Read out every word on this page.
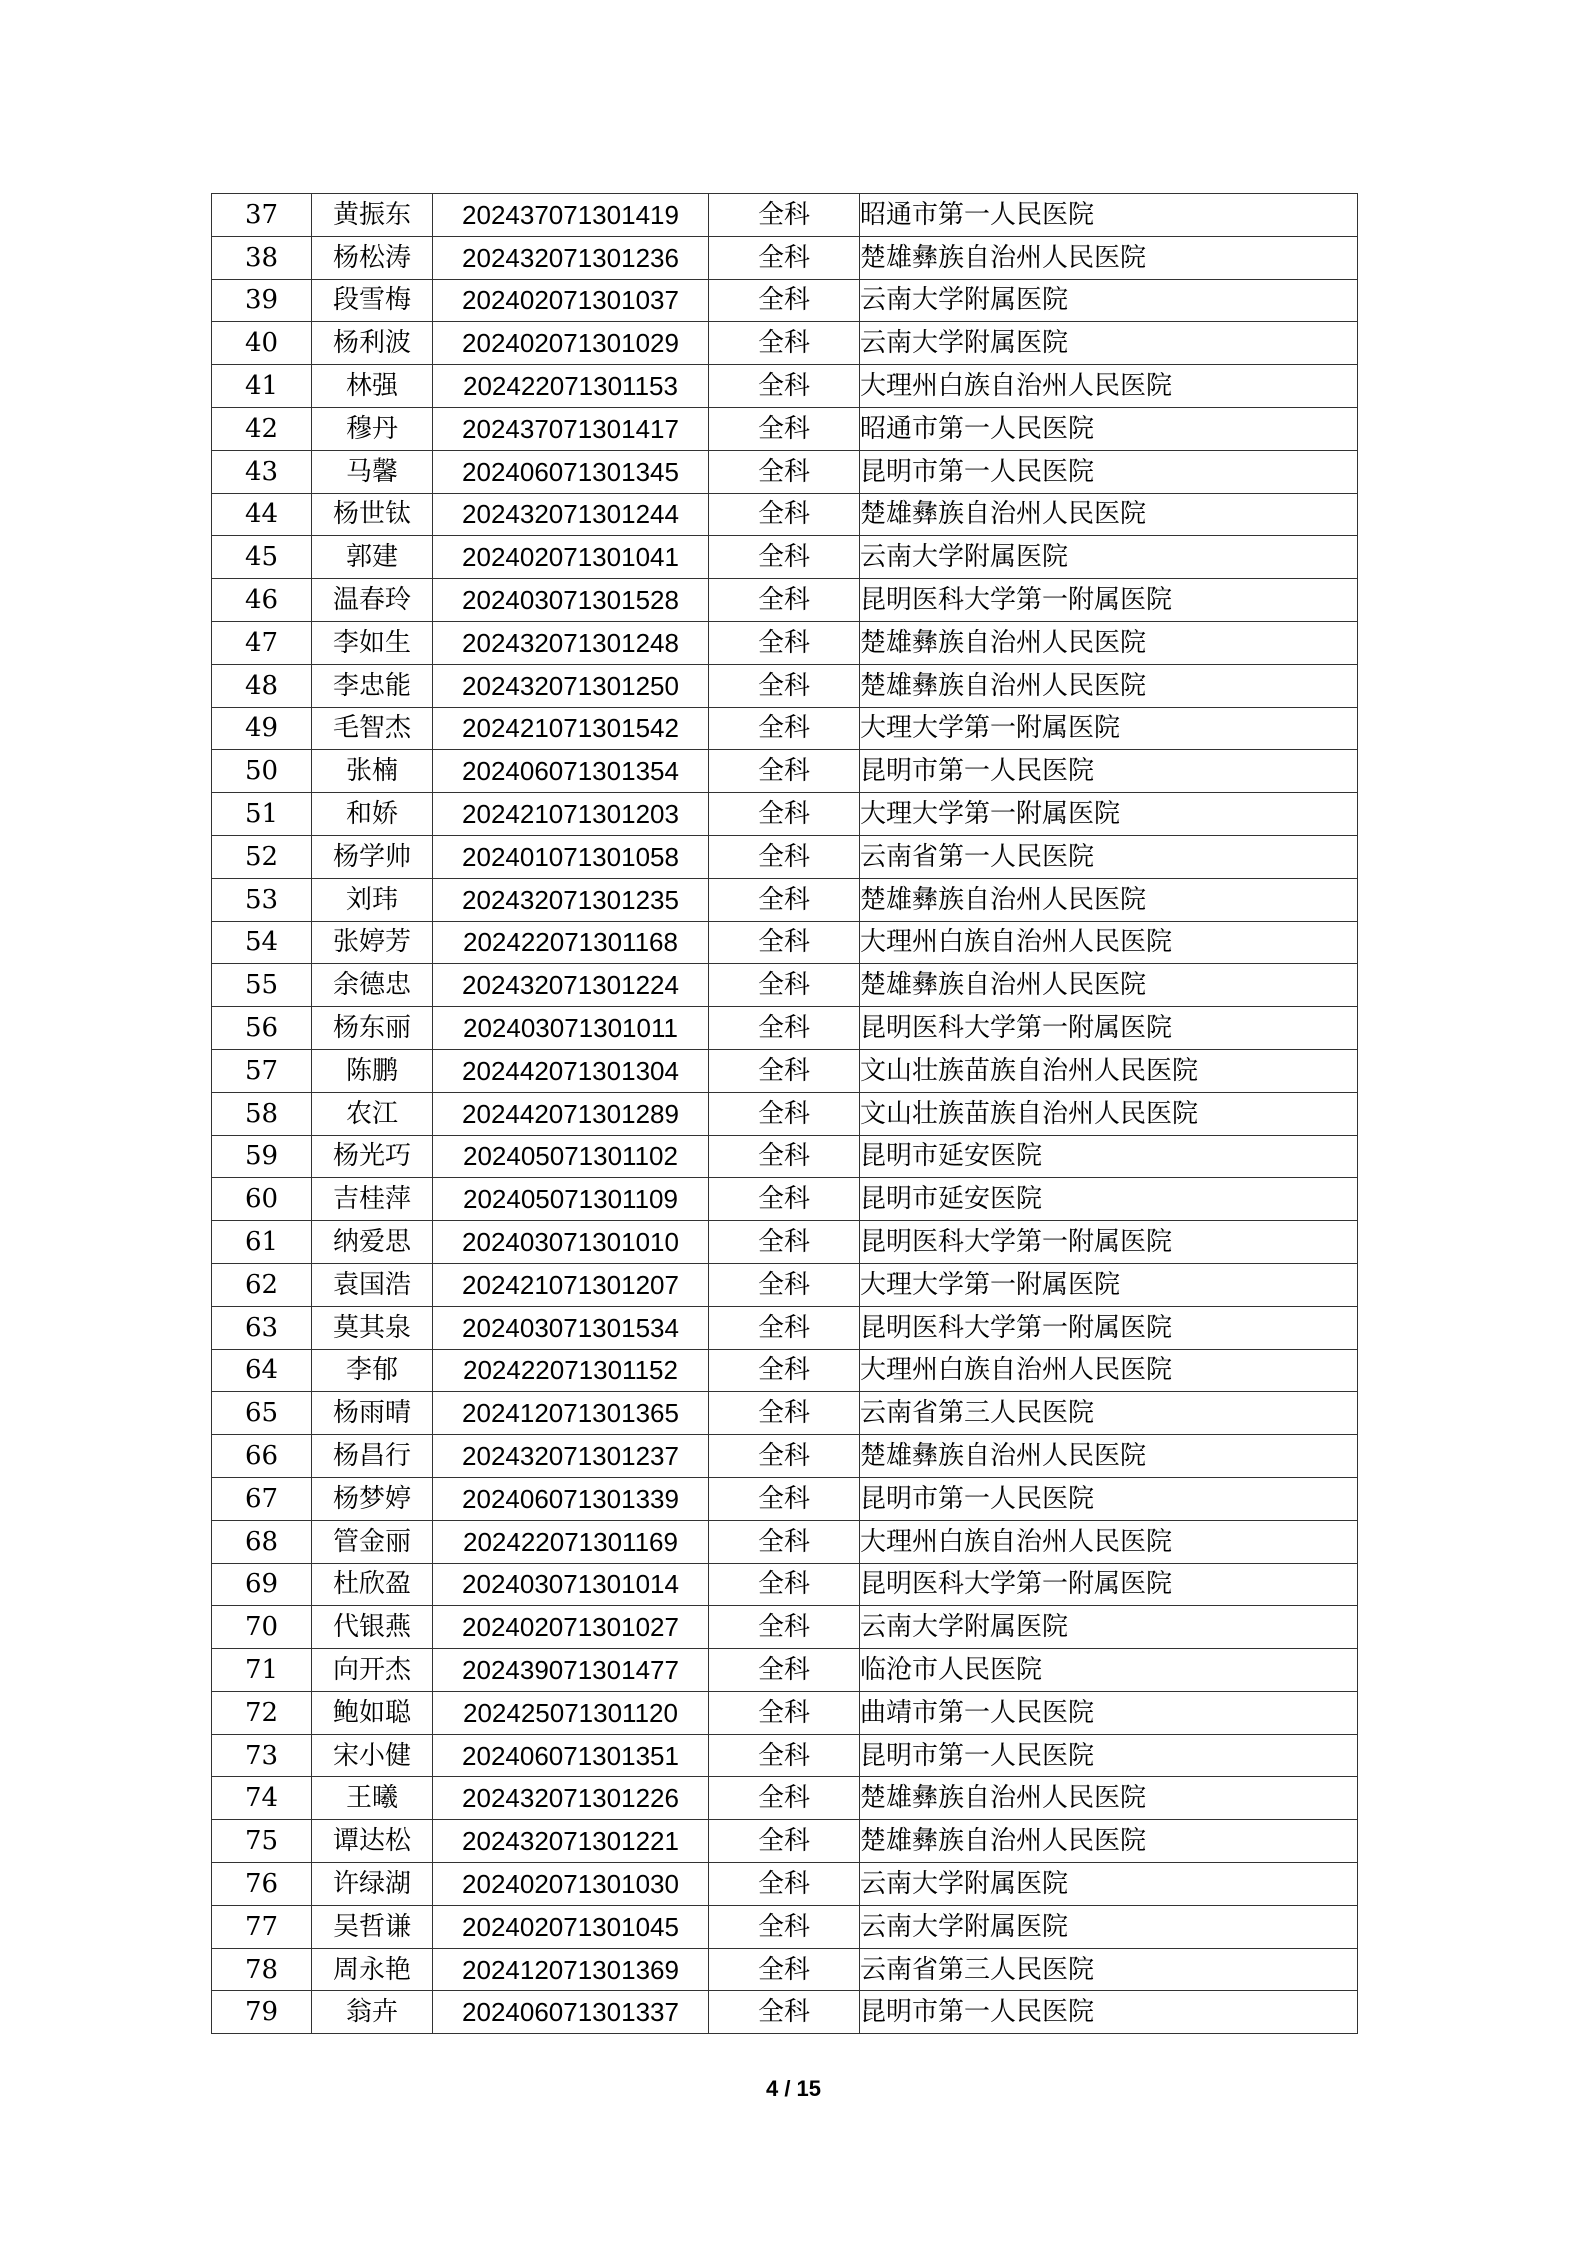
37	黄振东	202437071301419	全科	昭通市第一人民医院
38	杨松涛	202432071301236	全科	楚雄彝族自治州人民医院
39	段雪梅	202402071301037	全科	云南大学附属医院
40	杨利波	202402071301029	全科	云南大学附属医院
41	林强	202422071301153	全科	大理州白族自治州人民医院
42	穆丹	202437071301417	全科	昭通市第一人民医院
43	马馨	202406071301345	全科	昆明市第一人民医院
44	杨世钛	202432071301244	全科	楚雄彝族自治州人民医院
45	郭建	202402071301041	全科	云南大学附属医院
46	温春玲	202403071301528	全科	昆明医科大学第一附属医院
47	李如生	202432071301248	全科	楚雄彝族自治州人民医院
48	李忠能	202432071301250	全科	楚雄彝族自治州人民医院
49	毛智杰	202421071301542	全科	大理大学第一附属医院
50	张楠	202406071301354	全科	昆明市第一人民医院
51	和娇	202421071301203	全科	大理大学第一附属医院
52	杨学帅	202401071301058	全科	云南省第一人民医院
53	刘玮	202432071301235	全科	楚雄彝族自治州人民医院
54	张婷芳	202422071301168	全科	大理州白族自治州人民医院
55	余德忠	202432071301224	全科	楚雄彝族自治州人民医院
56	杨东丽	202403071301011	全科	昆明医科大学第一附属医院
57	陈鹏	202442071301304	全科	文山壮族苗族自治州人民医院
58	农江	202442071301289	全科	文山壮族苗族自治州人民医院
59	杨光巧	202405071301102	全科	昆明市延安医院
60	吉桂萍	202405071301109	全科	昆明市延安医院
61	纳爱思	202403071301010	全科	昆明医科大学第一附属医院
62	袁国浩	202421071301207	全科	大理大学第一附属医院
63	莫其泉	202403071301534	全科	昆明医科大学第一附属医院
64	李郁	202422071301152	全科	大理州白族自治州人民医院
65	杨雨晴	202412071301365	全科	云南省第三人民医院
66	杨昌行	202432071301237	全科	楚雄彝族自治州人民医院
67	杨梦婷	202406071301339	全科	昆明市第一人民医院
68	管金丽	202422071301169	全科	大理州白族自治州人民医院
69	杜欣盈	202403071301014	全科	昆明医科大学第一附属医院
70	代银燕	202402071301027	全科	云南大学附属医院
71	向开杰	202439071301477	全科	临沧市人民医院
72	鲍如聪	202425071301120	全科	曲靖市第一人民医院
73	宋小健	202406071301351	全科	昆明市第一人民医院
74	王曦	202432071301226	全科	楚雄彝族自治州人民医院
75	谭达松	202432071301221	全科	楚雄彝族自治州人民医院
76	许绿湖	202402071301030	全科	云南大学附属医院
77	吴哲谦	202402071301045	全科	云南大学附属医院
78	周永艳	202412071301369	全科	云南省第三人民医院
79	翁卉	202406071301337	全科	昆明市第一人民医院
4 / 15
